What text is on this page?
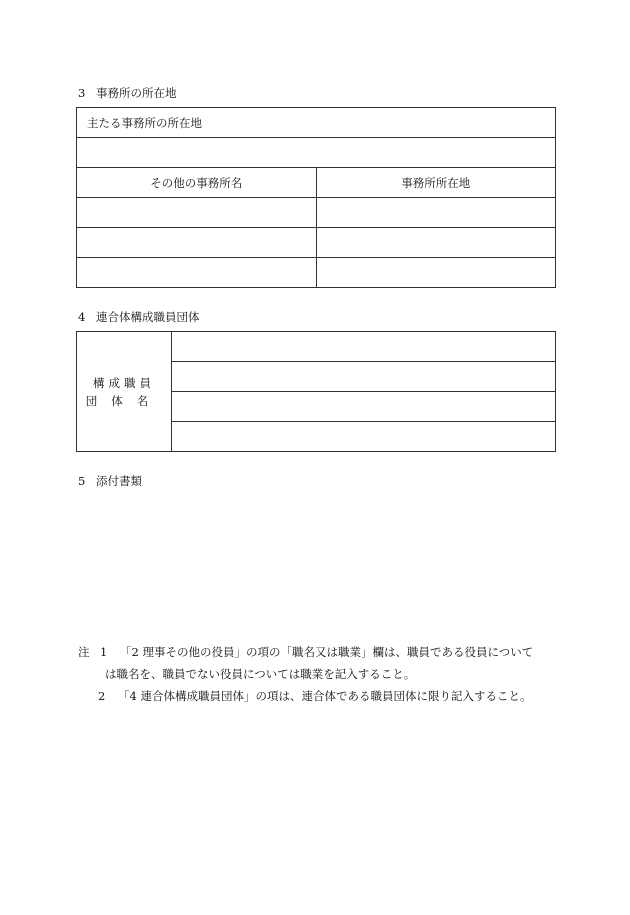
3 事務所の所在地
主たる事務所の所在地	

その他の事務所名	事務所所在地

4 連合体構成職員団体
構成職員
団体名

5 添付書類
注 1 「2 理事その他の役員」の項の「職名又は職業」欄は、職員である役員について
は職名を、職員でない役員については職業を記入すること。
2 「4 連合体構成職員団体」の項は、連合体である職員団体に限り記入すること。
